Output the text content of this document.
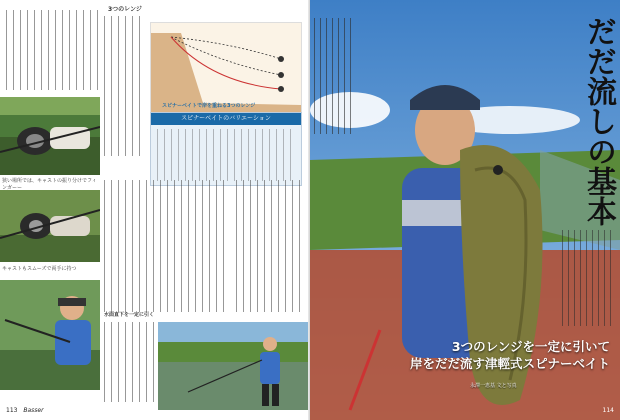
スピナーベイトで岸を重ねる3つのレンジ
スピナーベイトのバリエーション
3つのレンジ
狭い場所では、キャストの振り分けでフィンガーー
キャストもスムーズで両手に持つ
水面直下を一定に引く
113 Basser
だだ流しの基本
3つのレンジを一定に引いて
岸をだだ流す津輕式スピナーベイト
永澤一恵基 文と写真
114
